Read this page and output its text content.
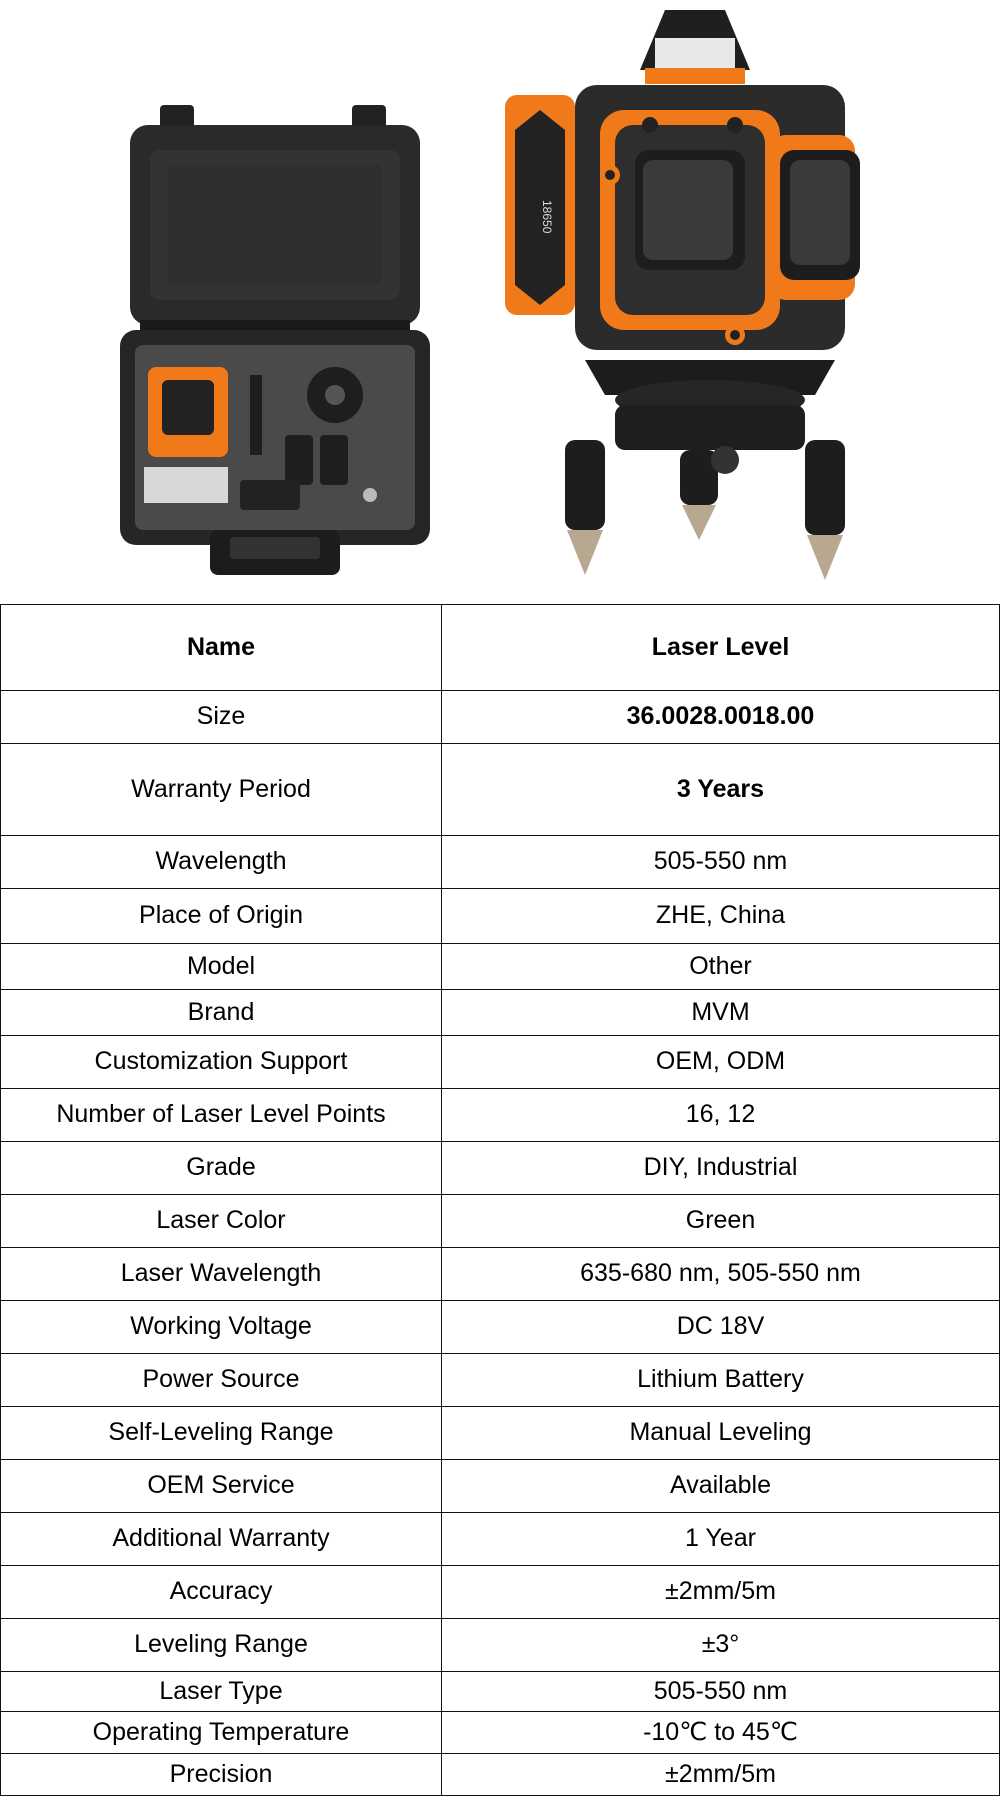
18650
Name	Laser Level
Size	36.0028.0018.00
Warranty Period	3 Years
Wavelength	505-550 nm
Place of Origin	ZHE, China
Model	Other
Brand	MVM
Customization Support	OEM, ODM
Number of Laser Level Points	16, 12
Grade	DIY, Industrial
Laser Color	Green
Laser Wavelength	635-680 nm, 505-550 nm
Working Voltage	DC 18V
Power Source	Lithium Battery
Self-Leveling Range	Manual Leveling
OEM Service	Available
Additional Warranty	1 Year
Accuracy	±2mm/5m
Leveling Range	±3°
Laser Type	505-550 nm
Operating Temperature	-10℃ to 45℃
Precision	±2mm/5m
